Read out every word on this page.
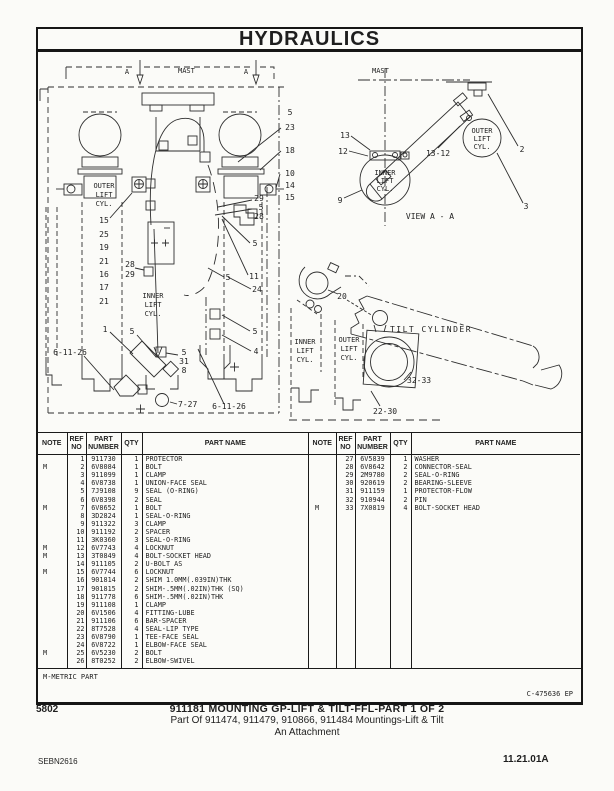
HYDRAULICS
A	A
MAST
OUTER
LIFT
CYL.
15
25
19
21
16
17
21
1
28
29
5
INNER
LIFT
CYL.
5
23
18
10
14
15
29
5
28
5
5 11
24
5
4
6-11-26	5
31
8
7-27 6-11-26
MAST
2
13
12	13-12
9
3
OUTER
LIFT
CYL.
INNER
LIFT
CYL.
VIEW A - A
20
TILT CYLINDER
INNER
LIFT
CYL.
OUTER
LIFT
CYL.
32-33
22-30
NOTE	REF
NO	PART
NUMBER	QTY	PART NAME
	1	911730	1	PROTECTOR
M	2	6V8084	1	BOLT
	3	911099	1	CLAMP
	4	6V8738	1	UNION-FACE SEAL
	5	7J9108	9	SEAL (O-RING)
	6	6V8398	2	SEAL
M	7	6V8652	1	BOLT
	8	3D2824	1	SEAL-O-RING
	9	911322	3	CLAMP
	10	911192	2	SPACER
	11	3K0360	3	SEAL-O-RING
M	12	6V7743	4	LOCKNUT
M	13	3T0849	4	BOLT-SOCKET HEAD
	14	911105	2	U-BOLT AS
M	15	6V7744	6	LOCKNUT
	16	901814	2	SHIM 1.0MM(.039IN)THK
	17	901815	2	SHIM-.5MM(.02IN)THK (SQ)
	18	911778	6	SHIM-.5MM(.02IN)THK
	19	911108	1	CLAMP
	20	6V1506	4	FITTING-LUBE
	21	911106	6	BAR-SPACER
	22	8T7528	4	SEAL-LIP TYPE
	23	6V8790	1	TEE-FACE SEAL
	24	6V8722	1	ELBOW-FACE SEAL
M	25	6V5230	2	BOLT
	26	8T0252	2	ELBOW-SWIVEL

NOTE	REF
NO	PART
NUMBER	QTY	PART NAME
	27	6V5839	1	WASHER
	28	6V8642	2	CONNECTOR-SEAL
	29	2M9780	2	SEAL-O-RING
	30	920619	2	BEARING-SLEEVE
	31	911159	1	PROTECTOR-FLOW
	32	910944	2	PIN
M	33	7X0819	4	BOLT-SOCKET HEAD

M-METRIC PART
C-475636 EP
5802	911181 MOUNTING GP-LIFT & TILT-FFL-PART 1 OF 2
Part Of 911474, 911479, 910866, 911484 Mountings-Lift & Tilt
An Attachment
SEBN2616	11.21.01A
